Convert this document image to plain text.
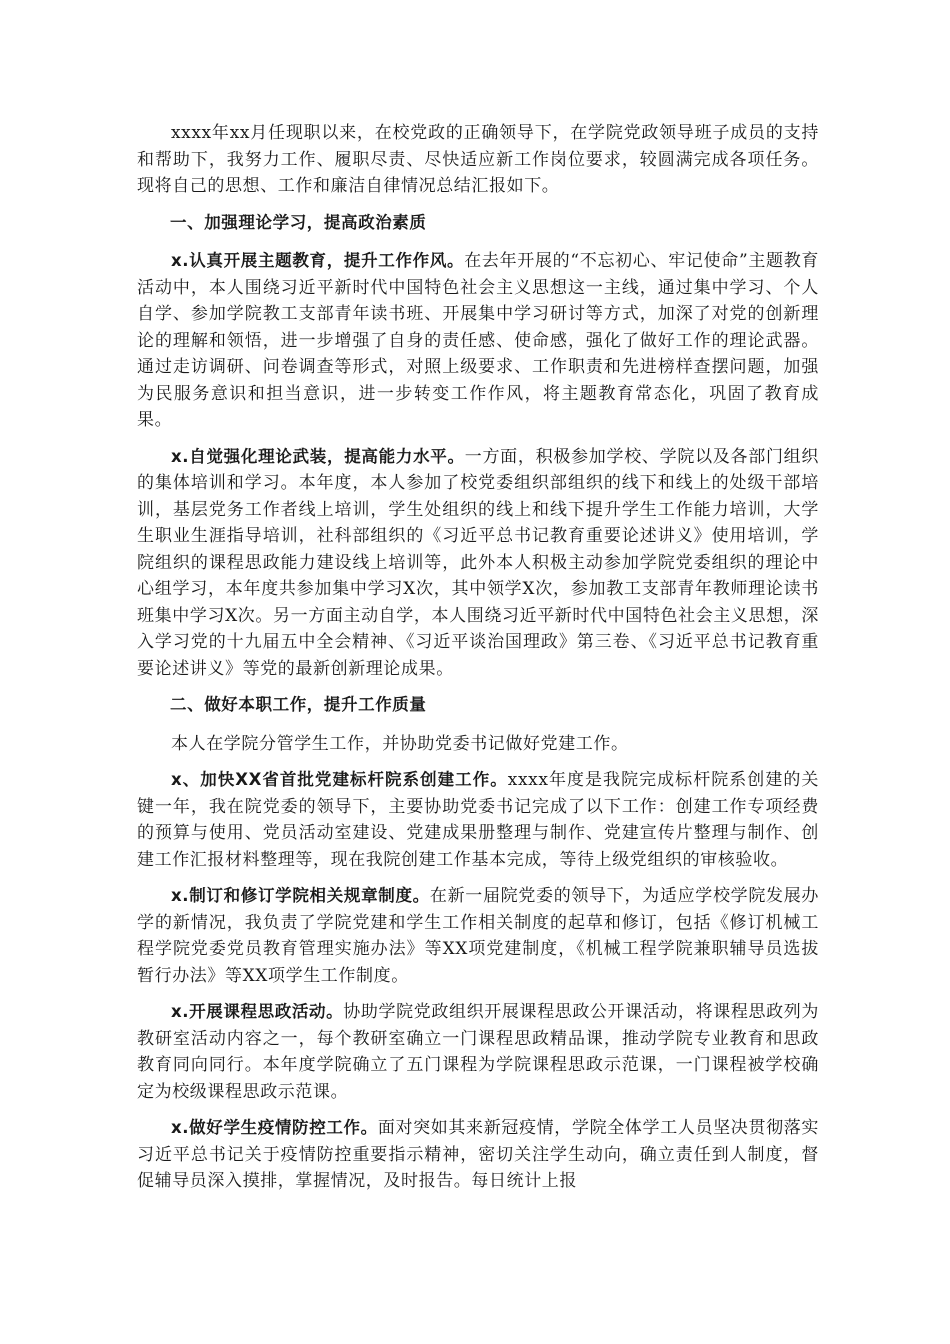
xxxx年xx月任现职以来，在校党政的正确领导下，在学院党政领导班子成员的支持和帮助下，我努力工作、履职尽责、尽快适应新工作岗位要求，较圆满完成各项任务。现将自己的思想、工作和廉洁自律情况总结汇报如下。

一、加强理论学习，提高政治素质

x.认真开展主题教育，提升工作作风。在去年开展的“不忘初心、牢记使命”主题教育活动中，本人围绕习近平新时代中国特色社会主义思想这一主线，通过集中学习、个人自学、参加学院教工支部青年读书班、开展集中学习研讨等方式，加深了对党的创新理论的理解和领悟，进一步增强了自身的责任感、使命感，强化了做好工作的理论武器。通过走访调研、问卷调查等形式，对照上级要求、工作职责和先进榜样查摆问题，加强为民服务意识和担当意识，进一步转变工作作风，将主题教育常态化，巩固了教育成果。

x.自觉强化理论武装，提高能力水平。一方面，积极参加学校、学院以及各部门组织的集体培训和学习。本年度，本人参加了校党委组织部组织的线下和线上的处级干部培训，基层党务工作者线上培训，学生处组织的线上和线下提升学生工作能力培训，大学生职业生涯指导培训，社科部组织的《习近平总书记教育重要论述讲义》使用培训，学院组织的课程思政能力建设线上培训等，此外本人积极主动参加学院党委组织的理论中心组学习，本年度共参加集中学习X次，其中领学X次，参加教工支部青年教师理论读书班集中学习X次。另一方面主动自学，本人围绕习近平新时代中国特色社会主义思想，深入学习党的十九届五中全会精神、《习近平谈治国理政》第三卷、《习近平总书记教育重要论述讲义》等党的最新创新理论成果。

二、做好本职工作，提升工作质量

本人在学院分管学生工作，并协助党委书记做好党建工作。

x、加快XX省首批党建标杆院系创建工作。xxxx年度是我院完成标杆院系创建的关键一年，我在院党委的领导下，主要协助党委书记完成了以下工作：创建工作专项经费的预算与使用、党员活动室建设、党建成果册整理与制作、党建宣传片整理与制作、创建工作汇报材料整理等，现在我院创建工作基本完成，等待上级党组织的审核验收。

x.制订和修订学院相关规章制度。在新一届院党委的领导下，为适应学校学院发展办学的新情况，我负责了学院党建和学生工作相关制度的起草和修订，包括《修订机械工程学院党委党员教育管理实施办法》等XX项党建制度，《机械工程学院兼职辅导员选拔暂行办法》等XX项学生工作制度。

x.开展课程思政活动。协助学院党政组织开展课程思政公开课活动，将课程思政列为教研室活动内容之一，每个教研室确立一门课程思政精品课，推动学院专业教育和思政教育同向同行。本年度学院确立了五门课程为学院课程思政示范课，一门课程被学校确定为校级课程思政示范课。

x.做好学生疫情防控工作。面对突如其来新冠疫情，学院全体学工人员坚决贯彻落实习近平总书记关于疫情防控重要指示精神，密切关注学生动向，确立责任到人制度，督促辅导员深入摸排，掌握情况，及时报告。每日统计上报
